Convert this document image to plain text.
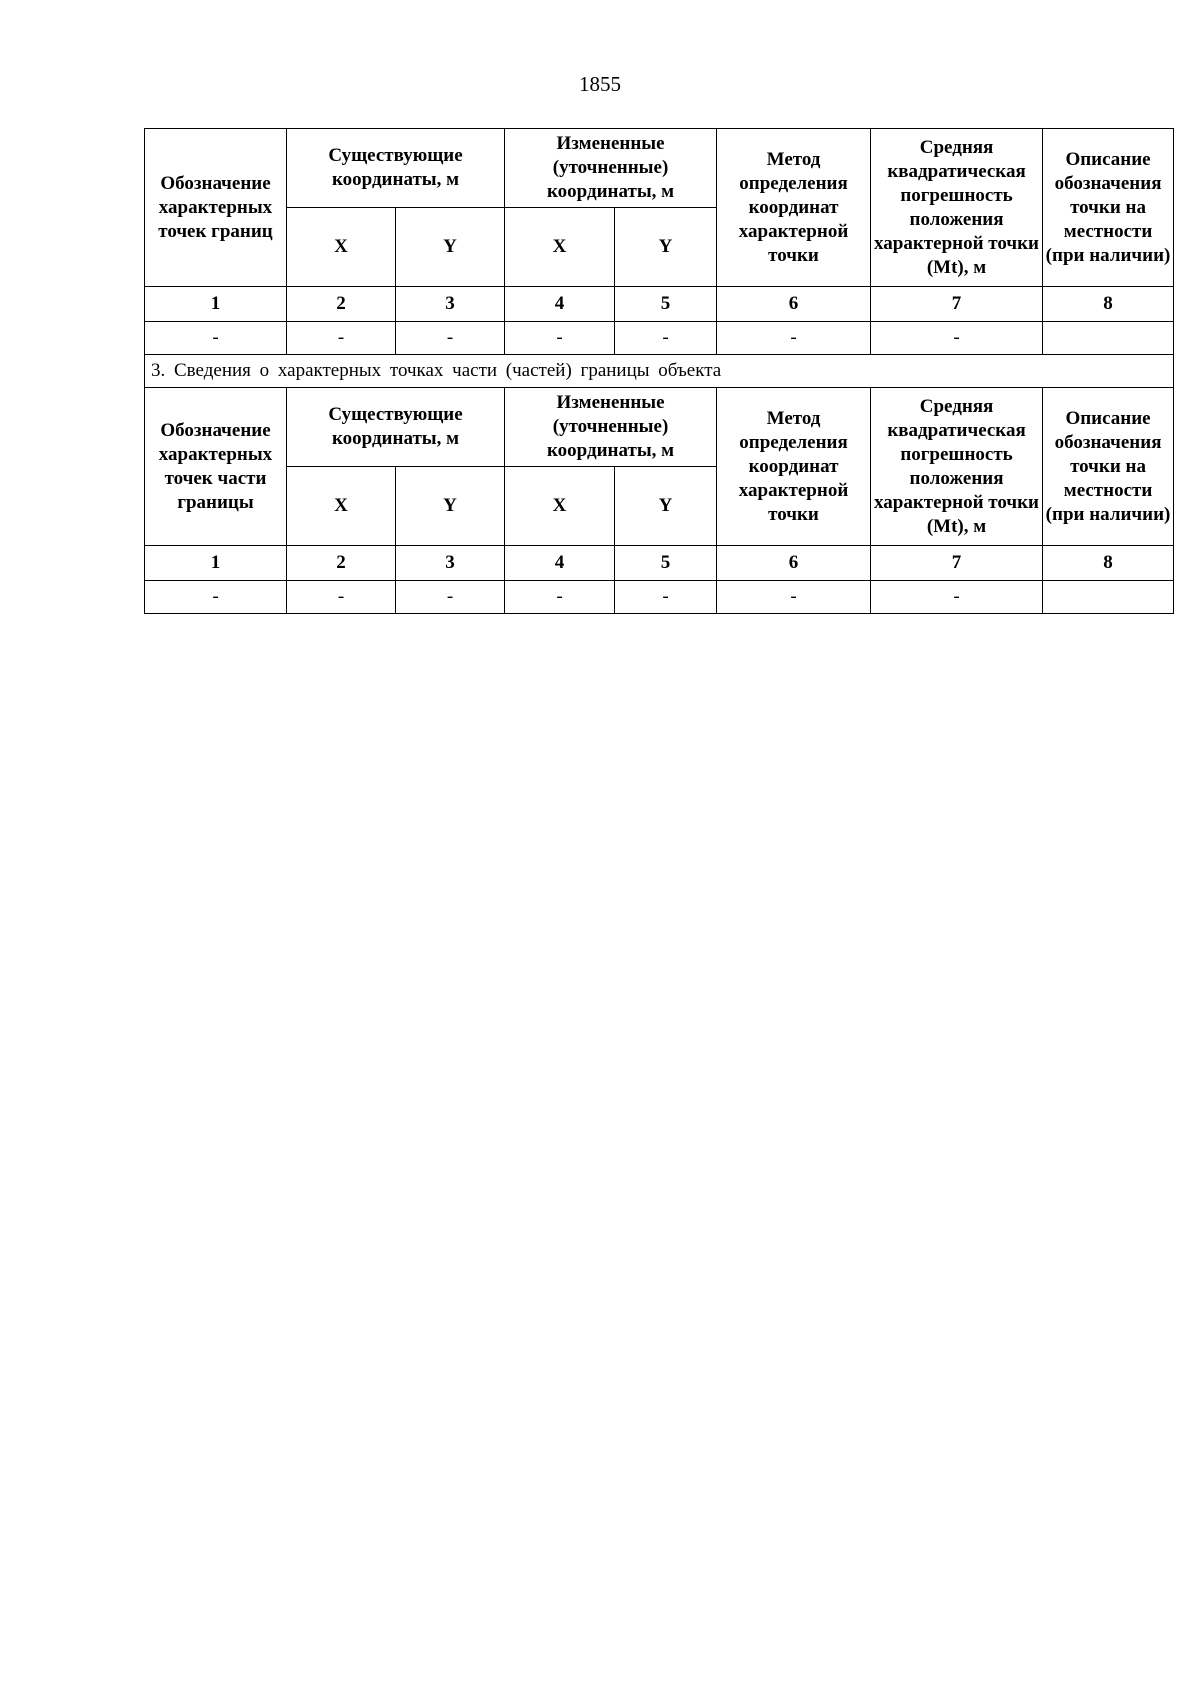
1855
Обозначение характерных точек границ	Существующие координаты, м		Измененные (уточненные) координаты, м		Метод определения координат характерной точки	Средняя квадратическая погрешность положения характерной точки (Mt), м	Описание обозначения точки на местности (при наличии)
	X	Y	X	Y			
1	2	3	4	5	6	7	8
-	-	-	-	-	-	-	
3. Сведения о характерных точках части (частей) границы объекта							
Обозначение характерных точек части границы	Существующие координаты, м		Измененные (уточненные) координаты, м		Метод определения координат характерной точки	Средняя квадратическая погрешность положения характерной точки (Mt), м	Описание обозначения точки на местности (при наличии)
	X	Y	X	Y			
1	2	3	4	5	6	7	8
-	-	-	-	-	-	-	
